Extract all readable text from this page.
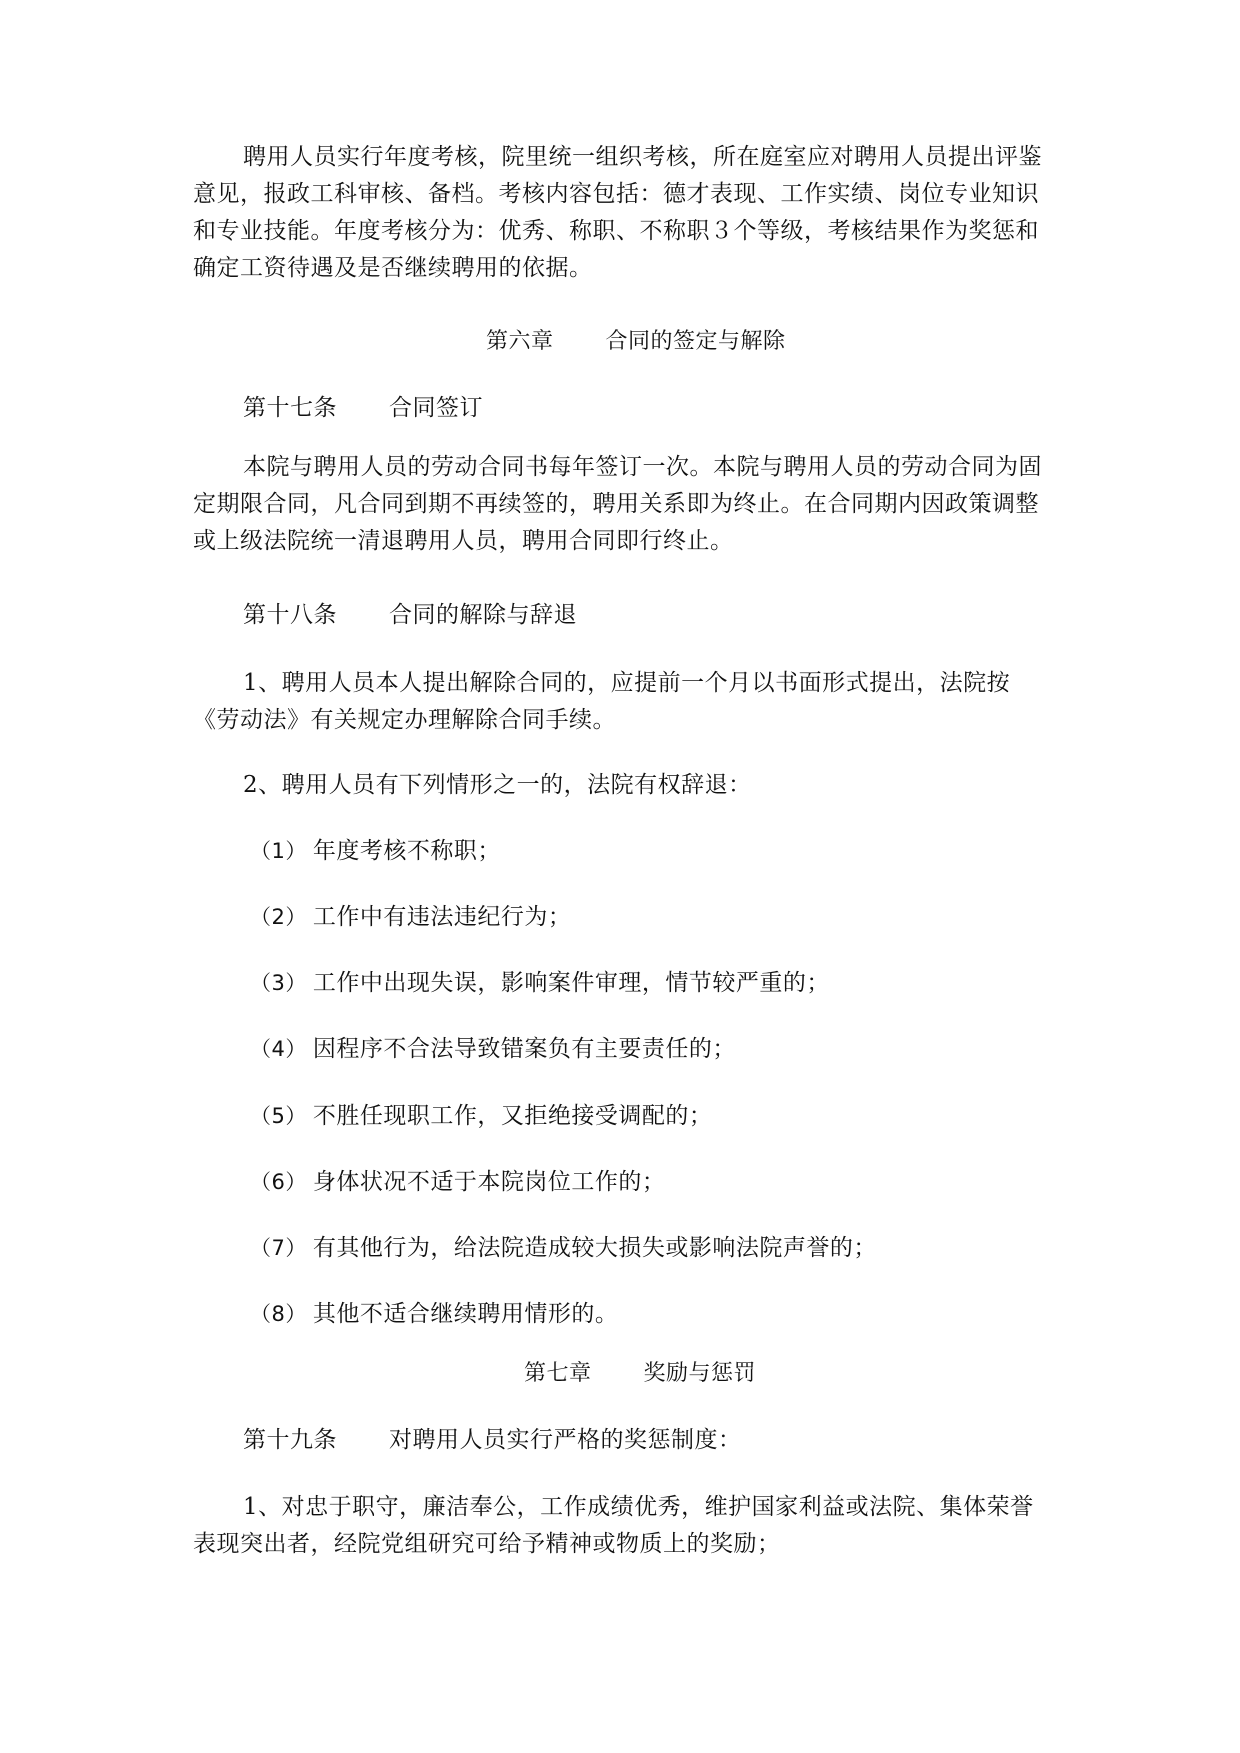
聘用人员实行年度考核，院里统一组织考核，所在庭室应对聘用人员提出评鉴意见，报政工科审核、备档。考核内容包括：德才表现、工作实绩、岗位专业知识和专业技能。年度考核分为：优秀、称职、不称职３个等级，考核结果作为奖惩和确定工资待遇及是否继续聘用的依据。

第六章 合同的签定与解除
第十七条 合同签订

本院与聘用人员的劳动合同书每年签订一次。本院与聘用人员的劳动合同为固定期限合同，凡合同到期不再续签的，聘用关系即为终止。在合同期内因政策调整或上级法院统一清退聘用人员，聘用合同即行终止。

第十八条 合同的解除与辞退

1、聘用人员本人提出解除合同的，应提前一个月以书面形式提出，法院按《劳动法》有关规定办理解除合同手续。

2、聘用人员有下列情形之一的，法院有权辞退：

（1） 年度考核不称职；
（2） 工作中有违法违纪行为；
（3） 工作中出现失误，影响案件审理，情节较严重的；
（4） 因程序不合法导致错案负有主要责任的；
（5） 不胜任现职工作，又拒绝接受调配的；
（6） 身体状况不适于本院岗位工作的；
（7） 有其他行为，给法院造成较大损失或影响法院声誉的；
（8） 其他不适合继续聘用情形的。
第七章 奖励与惩罚
第十九条 对聘用人员实行严格的奖惩制度：

1、对忠于职守，廉洁奉公，工作成绩优秀，维护国家利益或法院、集体荣誉表现突出者，经院党组研究可给予精神或物质上的奖励；
